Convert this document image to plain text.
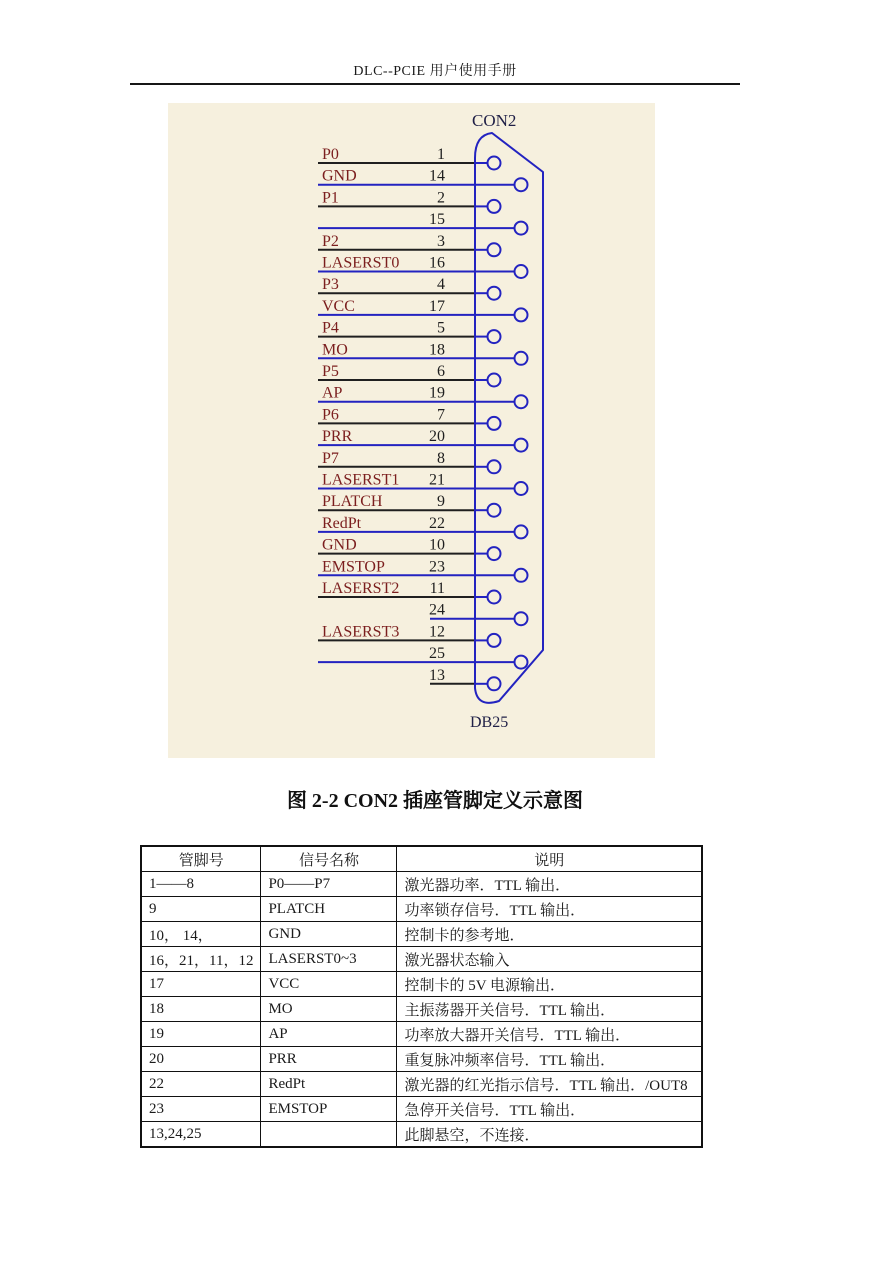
DLC--PCIE 用户使用手册
P0	1
GND	14
P1	2
15
P2	3
LASERST0 16
P3	4
VCC	17
P4	5
MO	18
P5	6
AP	19
P6	7
PRR	20
P7	8
LASERST1 21
PLATCH	9
RedPt	22
GND	10
EMSTOP	23
LASERST2 11
24
LASERST3 12
25
13
CON2
DB25
图 2-2 CON2 插座管脚定义示意图
管脚号	信号名称	说明
1——8	P0——P7	激光器功率．TTL 输出．
9	PLATCH	功率锁存信号．TTL 输出．
10， 14，	GND	控制卡的参考地．
16，21，11，12	LASERST0~3	激光器状态输入
17	VCC	控制卡的 5V 电源输出．
18	MO	主振荡器开关信号．TTL 输出．
19	AP	功率放大器开关信号．TTL 输出．
20	PRR	重复脉冲频率信号．TTL 输出．
22	RedPt	激光器的红光指示信号．TTL 输出．/OUT8
23	EMSTOP	急停开关信号．TTL 输出．
13,24,25		此脚悬空，不连接．
